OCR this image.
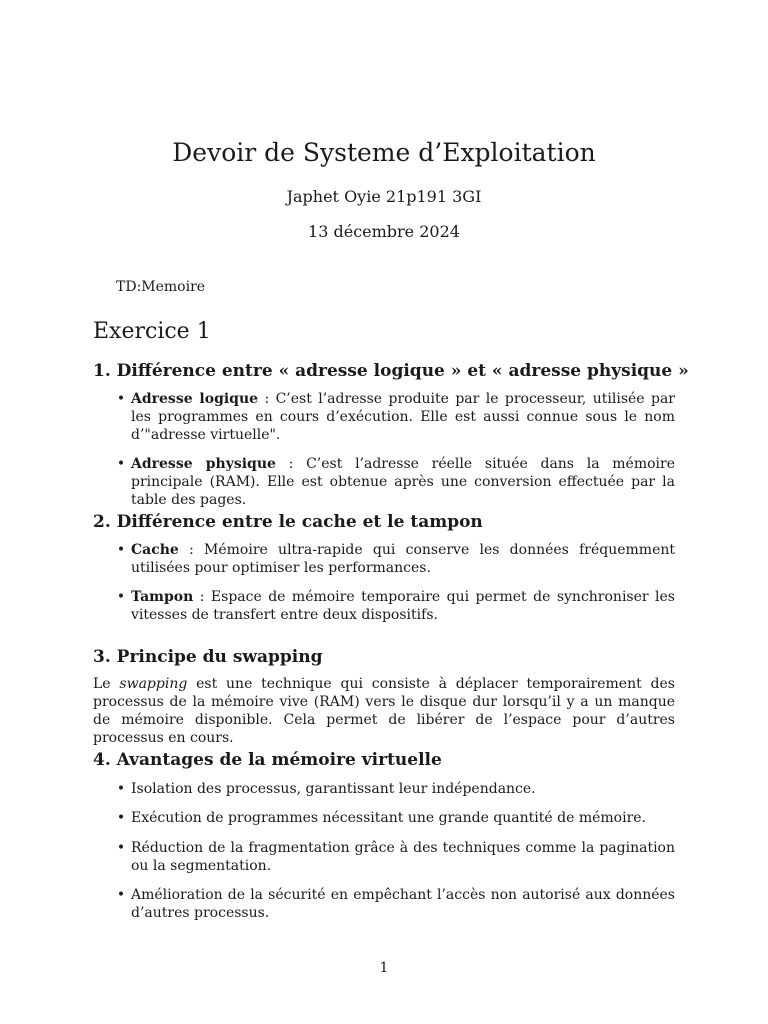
Devoir de Systeme d’Exploitation
Japhet Oyie 21p191 3GI
13 décembre 2024
TD:Memoire
Exercice 1
1. Différence entre « adresse logique » et « adresse physique »
• Adresse logique : C’est l’adresse produite par le processeur, utilisée par les programmes en cours d’exécution. Elle est aussi connue sous le nom d’"adresse virtuelle".
• Adresse physique : C’est l’adresse réelle située dans la mémoire principale (RAM). Elle est obtenue après une conversion effectuée par la table des pages.
2. Différence entre le cache et le tampon
• Cache : Mémoire ultra-rapide qui conserve les données fréquemment utilisées pour optimiser les performances.
• Tampon : Espace de mémoire temporaire qui permet de synchroniser les vitesses de transfert entre deux dispositifs.
3. Principe du swapping
Le swapping est une technique qui consiste à déplacer temporairement des processus de la mémoire vive (RAM) vers le disque dur lorsqu’il y a un manque de mémoire disponible. Cela permet de libérer de l’espace pour d’autres processus en cours.
4. Avantages de la mémoire virtuelle
• Isolation des processus, garantissant leur indépendance.
• Exécution de programmes nécessitant une grande quantité de mémoire.
• Réduction de la fragmentation grâce à des techniques comme la pagination ou la segmentation.
• Amélioration de la sécurité en empêchant l’accès non autorisé aux données d’autres processus.
1
